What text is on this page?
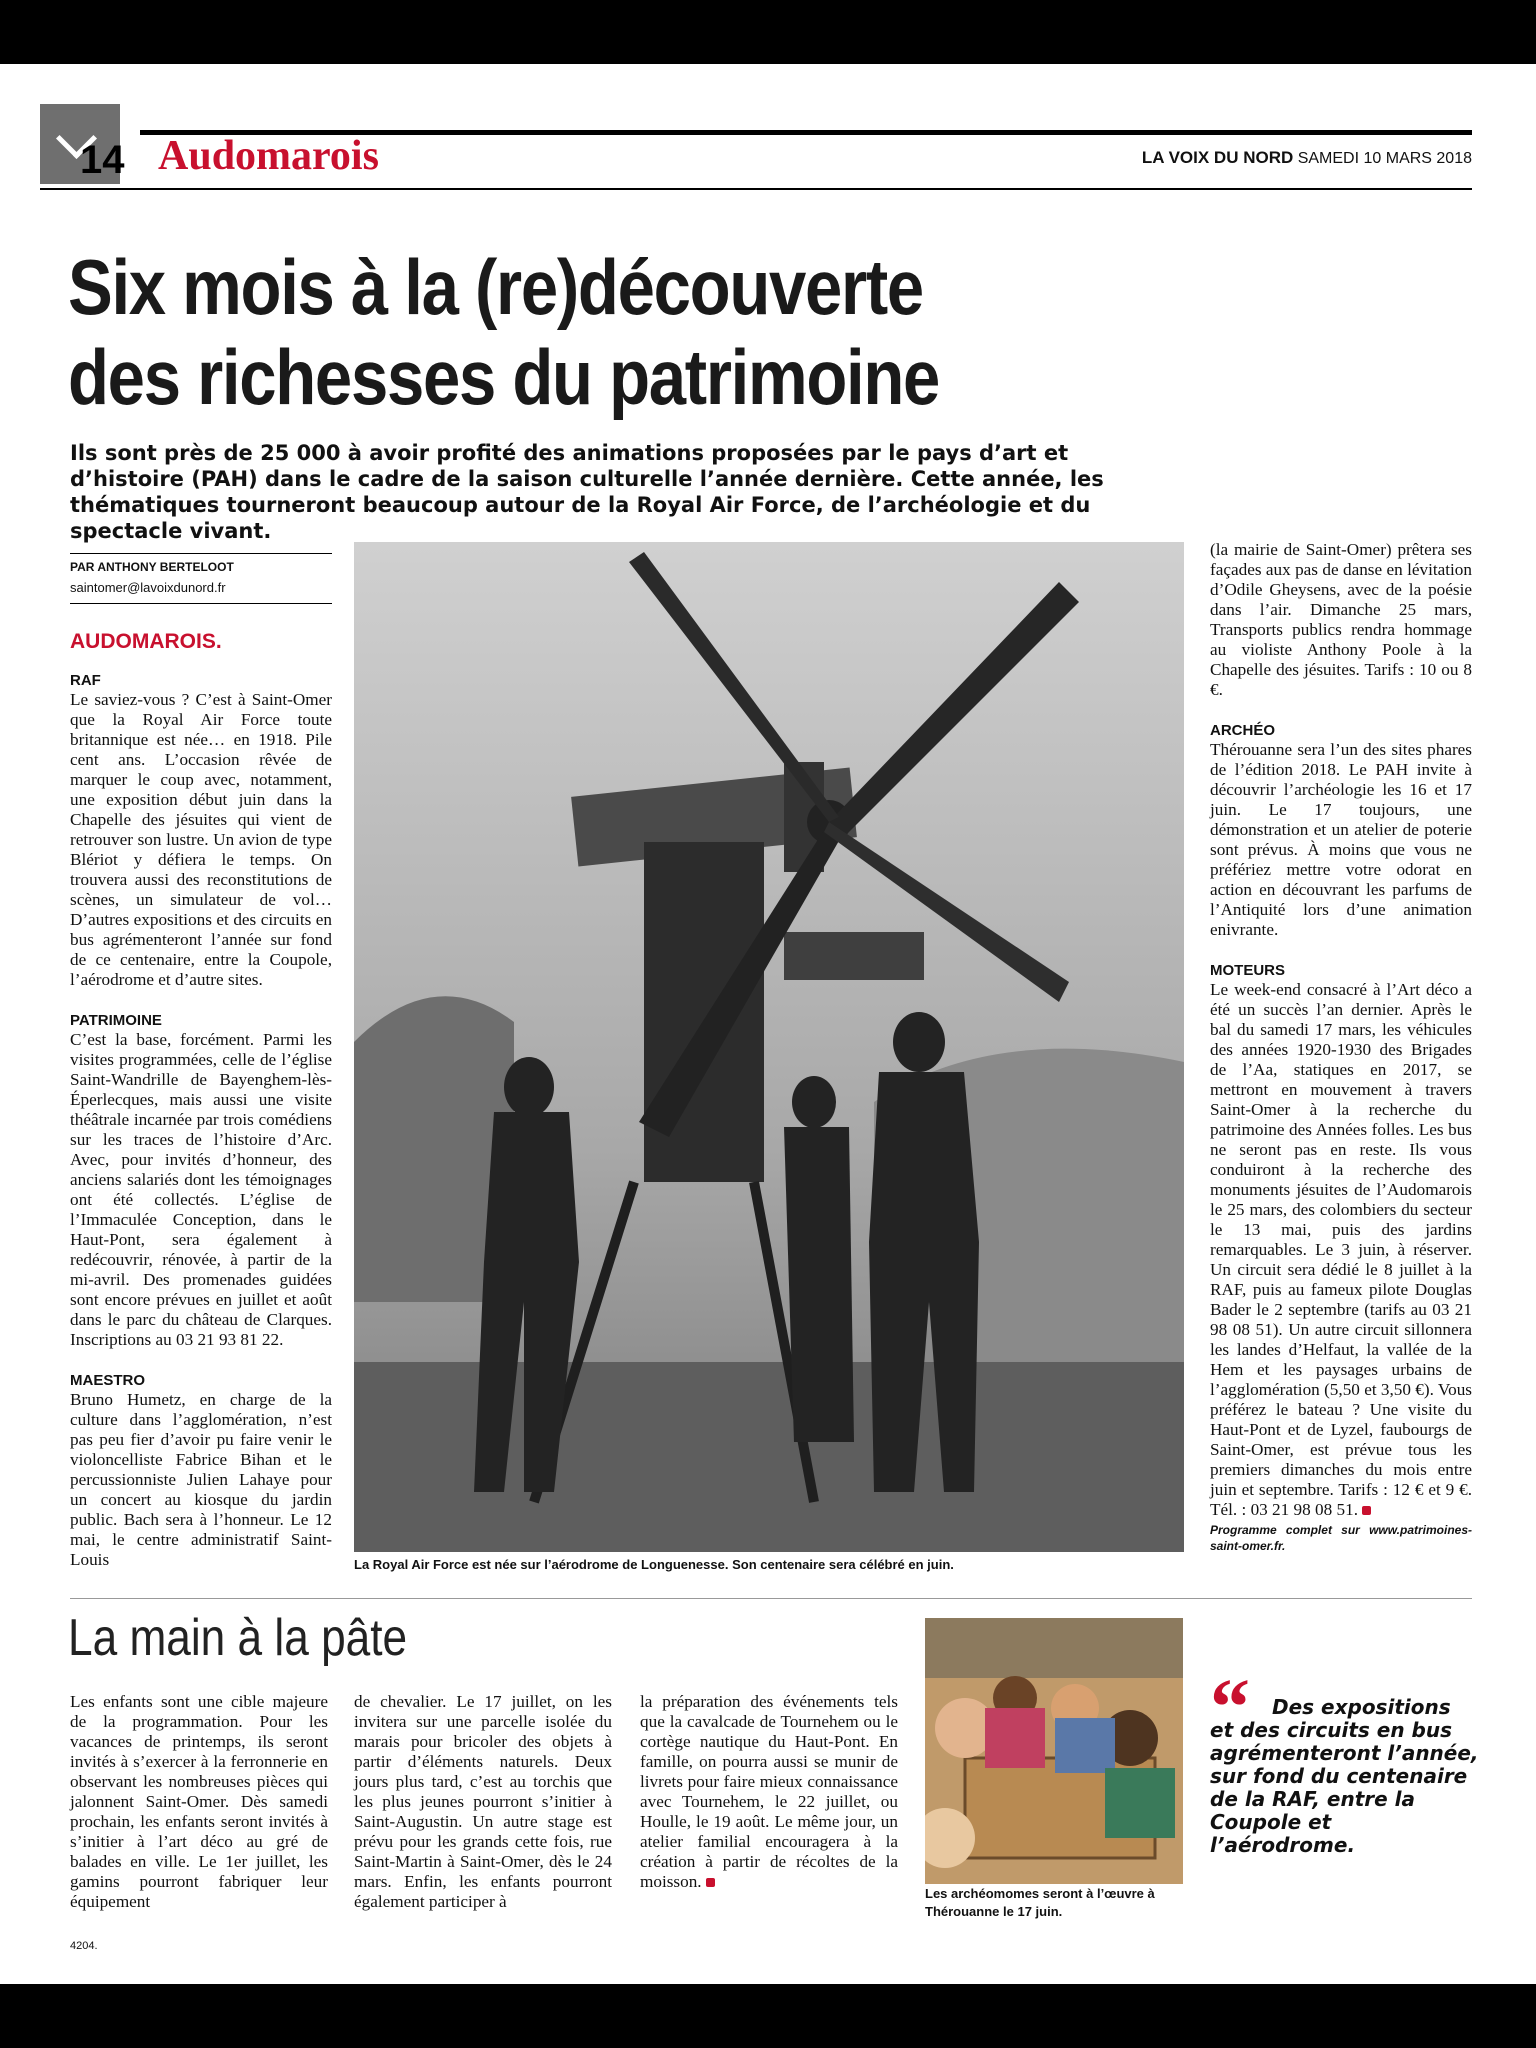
14 Audomarois	LA VOIX DU NORD SAMEDI 10 MARS 2018
Six mois à la (re)découverte
des richesses du patrimoine
Ils sont près de 25 000 à avoir profité des animations proposées par le pays d’art et d’histoire (PAH) dans le cadre de la saison culturelle l’année dernière. Cette année, les thématiques tourneront beaucoup autour de la Royal Air Force, de l’archéologie et du spectacle vivant.
PAR ANTHONY BERTELOOT
saintomer@lavoixdunord.fr
AUDOMAROIS.
RAF

Le saviez-vous ? C’est à Saint-Omer que la Royal Air Force toute britannique est née… en 1918. Pile cent ans. L’occasion rêvée de marquer le coup avec, notamment, une exposition début juin dans la Chapelle des jésuites qui vient de retrouver son lustre. Un avion de type Blériot y défiera le temps. On trouvera aussi des reconstitutions de scènes, un simulateur de vol… D’autres expositions et des circuits en bus agrémenteront l’année sur fond de ce centenaire, entre la Coupole, l’aérodrome et d’autre sites.

PATRIMOINE

C’est la base, forcément. Parmi les visites programmées, celle de l’église Saint-Wandrille de Bayenghem-lès-Éperlecques, mais aussi une visite théâtrale incarnée par trois comédiens sur les traces de l’histoire d’Arc. Avec, pour invités d’honneur, des anciens salariés dont les témoignages ont été collectés. L’église de l’Immaculée Conception, dans le Haut-Pont, sera également à redécouvrir, rénovée, à partir de la mi-avril. Des promenades guidées sont encore prévues en juillet et août dans le parc du château de Clarques. Inscriptions au 03 21 93 81 22.

MAESTRO

Bruno Humetz, en charge de la culture dans l’agglomération, n’est pas peu fier d’avoir pu faire venir le violoncelliste Fabrice Bihan et le percussionniste Julien Lahaye pour un concert au kiosque du jardin public. Bach sera à l’honneur. Le 12 mai, le centre administratif Saint-Louis	La Royal Air Force est née sur l’aérodrome de Longuenesse. Son centenaire sera célébré en juin.

(la mairie de Saint-Omer) prêtera ses façades aux pas de danse en lévitation d’Odile Gheysens, avec de la poésie dans l’air. Dimanche 25 mars, Transports publics rendra hommage au violiste Anthony Poole à la Chapelle des jésuites. Tarifs : 10 ou 8 €.

ARCHÉO

Thérouanne sera l’un des sites phares de l’édition 2018. Le PAH invite à découvrir l’archéologie les 16 et 17 juin. Le 17 toujours, une démonstration et un atelier de poterie sont prévus. À moins que vous ne préfériez mettre votre odorat en action en découvrant les parfums de l’Antiquité lors d’une animation enivrante.

MOTEURS

Le week-end consacré à l’Art déco a été un succès l’an dernier. Après le bal du samedi 17 mars, les véhicules des années 1920-1930 des Brigades de l’Aa, statiques en 2017, se mettront en mouvement à travers Saint-Omer à la recherche du patrimoine des Années folles. Les bus ne seront pas en reste. Ils vous conduiront à la recherche des monuments jésuites de l’Audomarois le 25 mars, des colombiers du secteur le 13 mai, puis des jardins remarquables. Le 3 juin, à réserver. Un circuit sera dédié le 8 juillet à la RAF, puis au fameux pilote Douglas Bader le 2 septembre (tarifs au 03 21 98 08 51). Un autre circuit sillonnera les landes d’Helfaut, la vallée de la Hem et les paysages urbains de l’agglomération (5,50 et 3,50 €). Vous préférez le bateau ? Une visite du Haut-Pont et de Lyzel, faubourgs de Saint-Omer, est prévue tous les premiers dimanches du mois entre juin et septembre. Tarifs : 12 € et 9 €. Tél. : 03 21 98 08 51.

Programme complet sur www.patrimoines-saint-omer.fr.
La main à la pâte
Les enfants sont une cible majeure de la programmation. Pour les vacances de printemps, ils seront invités à s’exercer à la ferronnerie en observant les nombreuses pièces qui jalonnent Saint-Omer. Dès samedi prochain, les enfants seront invités à s’initier à l’art déco au gré de balades en ville. Le 1er juillet, les gamins pourront fabriquer leur équipement
de chevalier. Le 17 juillet, on les invitera sur une parcelle isolée du marais pour bricoler des objets à partir d’éléments naturels. Deux jours plus tard, c’est au torchis que les plus jeunes pourront s’initier à Saint-Augustin. Un autre stage est prévu pour les grands cette fois, rue Saint-Martin à Saint-Omer, dès le 24 mars. Enfin, les enfants pourront également participer à
la préparation des événements tels que la cavalcade de Tournehem ou le cortège nautique du Haut-Pont. En famille, on pourra aussi se munir de livrets pour faire mieux connaissance avec Tournehem, le 22 juillet, ou Houlle, le 19 août. Le même jour, un atelier familial encouragera à la création à partir de récoltes de la moisson.
Les archéomomes seront à l’œuvre à Thérouanne le 17 juin.
“	Des expositions et des circuits en bus agrémenteront l’année, sur fond du centenaire de la RAF, entre la Coupole et l’aérodrome.
4204.
